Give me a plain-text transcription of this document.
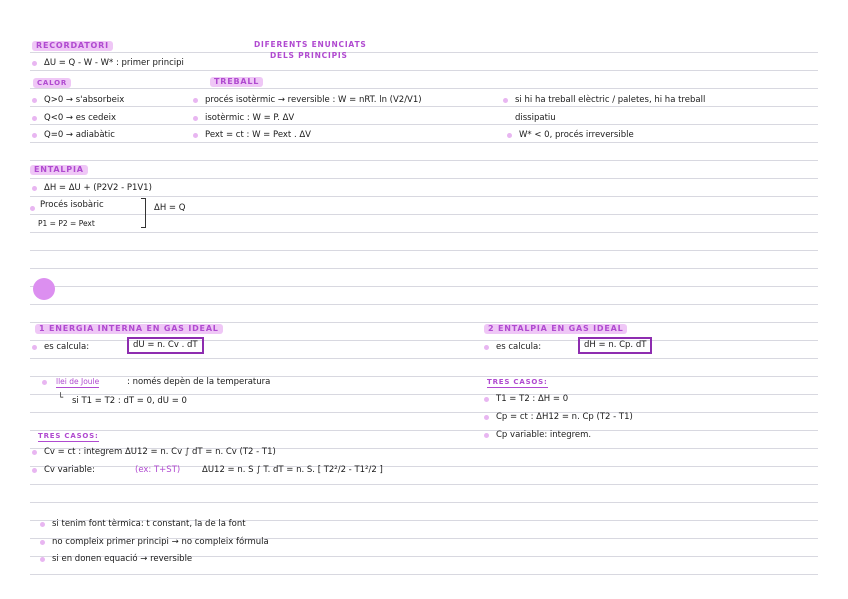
RECORDATORI	DIFERENTS ENUNCIATS
DELS PRINCIPIS
ΔU = Q - W - W* : primer principi
CALOR	TREBALL
Q>0 → s'absorbeix
Q<0 → es cedeix
Q=0 → adiabàtic
procés isotèrmic → reversible : W = nRT. ln (V2/V1)
isotèrmic : W = P. ΔV
Pext = ct : W = Pext . ΔV
si hi ha treball elèctric / paletes, hi ha treball
dissipatiu
W* < 0, procés irreversible
ENTALPIA
ΔH = ΔU + (P2V2 - P1V1)
Procés isobàric
P1 = P2 = Pext
ΔH = Q
1 ENERGIA INTERNA EN GAS IDEAL
es calcula:	dU = n. Cv . dT
llei de Joule	: només depèn de la temperatura
└ si T1 = T2 : dT = 0, dU = 0
TRES CASOS:
Cv = ct : integrem ΔU12 = n. Cv ∫ dT = n. Cv (T2 - T1)
Cv variable:	(ex: T+ST)	ΔU12 = n. S ∫ T. dT = n. S. [ T2²/2 - T1²/2 ]
2 ENTALPIA EN GAS IDEAL
es calcula:	dH = n. Cp. dT
TRES CASOS:
T1 = T2 : ΔH = 0
Cp = ct : ΔH12 = n. Cp (T2 - T1)
Cp variable: integrem.
si tenim font tèrmica: t constant, la de la font
no compleix primer principi → no compleix fórmula
si en donen equació → reversible
